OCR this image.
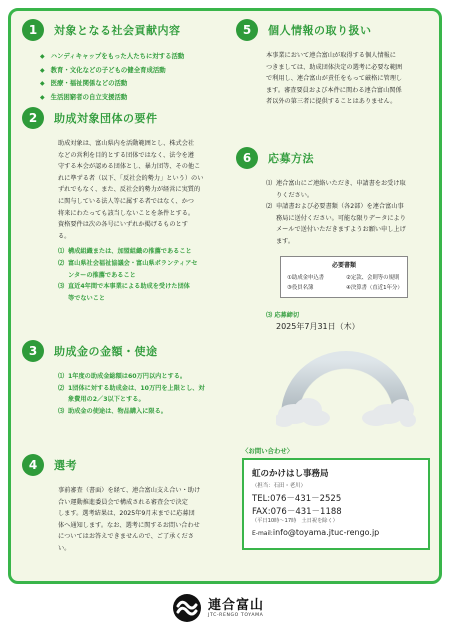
1	対象となる社会貢献内容
◆ ハンディキャップをもった人たちに対する活動
◆ 教育・文化などの子どもの健全育成活動
◆ 医療・福祉関係などの活動
◆ 生活困窮者の自立支援活動
2	助成対象団体の要件
助成対象は、富山県内を活動範囲とし、株式会社
などの営利を目的とする団体ではなく、法令を遵
守する本会が認める団体とし、暴力団等、その他こ
れに準ずる者（以下、「反社会的勢力」という）のい
ずれでもなく、また、反社会的勢力が経営に実質的
に関与している法人等に属する者ではなく、かつ
将来にわたっても該当しないことを条件とする。
資格要件は次の各号にいずれか掲げるものとす
る。
⑴ 構成組織または、加盟組織の推薦であること
⑵ 富山県社会福祉協議会・富山県ボランティアセ
ンターの推薦であること
⑶ 直近4年間で本事業による助成を受けた団体
等でないこと
3	助成金の金額・使途
⑴ 1年度の助成金総額は60万円以内とする。
⑵ 1団体に対する助成金は、10万円を上限とし、対
象費用の2／3以下とする。
⑶ 助成金の使途は、物品購入に限る。
4	選考
事前審査（書面）を経て、連合富山支え合い・助け
合い運動推進委員会で構成される審査会で決定
します。選考結果は、2025年9月末までに応募団
体へ通知します。なお、選考に関するお問い合わせ
についてはお答えできませんので、ご了承くださ
い。
5	個人情報の取り扱い
本事業において連合富山が取得する個人情報に
つきましては、助成団体決定の選考に必要な範囲
で利用し、連合富山が責任をもって厳格に管理し
ます。審査要員および本件に関わる連合富山関係
者以外の第三者に提供することはありません。
6	応募方法
⑴ 連合富山にご連絡いただき、申請書をお受け取
りください。
⑵ 申請書および必要書類（各2部）を連合富山事
務局に送付ください。可能な限りデータにより
メールで送付いただきますようお願い申し上げ
ます。
必要書類
①助成金申込書	②定款、会則等の規則
③役員名簿	④決算書（直近1年分）
⑶ 応募締切
2025年7月31日（木）
〈お問い合わせ〉
虹のかけはし事務局
（担当：石田・老川）
TEL:076－431－2525
FAX:076－431－1188
（平日10時～17時　土日祝を除く）
E-mail:info@toyama.jtuc-rengo.jp
連合富山
JTC-RENGO TOYAMA
